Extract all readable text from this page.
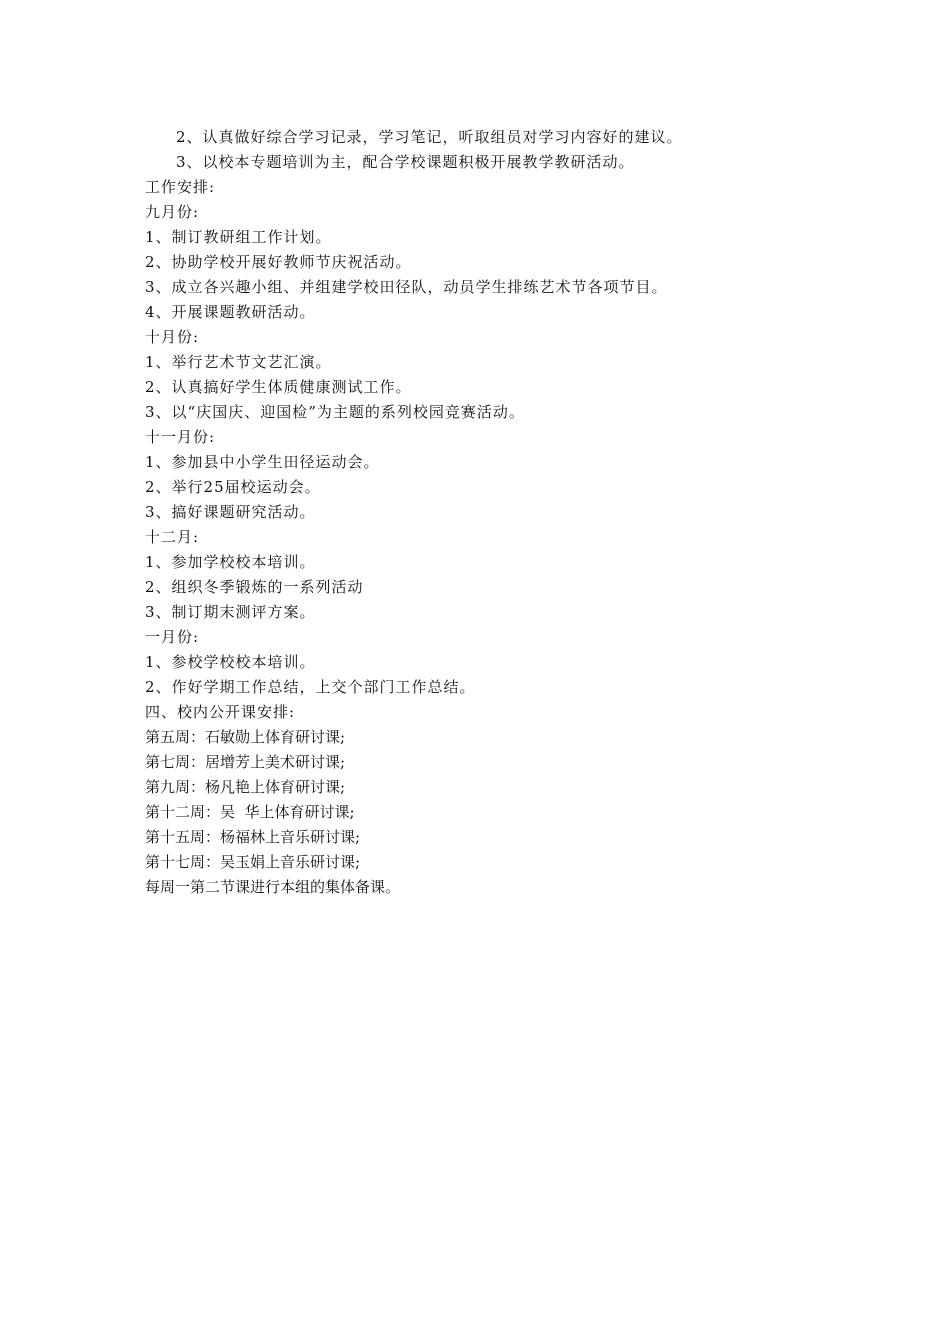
2、认真做好综合学习记录，学习笔记，听取组员对学习内容好的建议。
3、以校本专题培训为主，配合学校课题积极开展教学教研活动。
工作安排:
九月份:
1、制订教研组工作计划。
2、协助学校开展好教师节庆祝活动。
3、成立各兴趣小组、并组建学校田径队，动员学生排练艺术节各项节目。
4、开展课题教研活动。
十月份:
1、举行艺术节文艺汇演。
2、认真搞好学生体质健康测试工作。
3、以“庆国庆、迎国检”为主题的系列校园竞赛活动。
十一月份:
1、参加县中小学生田径运动会。
2、举行25届校运动会。
3、搞好课题研究活动。
十二月:
1、参加学校校本培训。
2、组织冬季锻炼的一系列活动
3、制订期末测评方案。
一月份:
1、参校学校校本培训。
2、作好学期工作总结，上交个部门工作总结。
四、校内公开课安排:
第五周：石敏勋上体育研讨课;
第七周：居增芳上美术研讨课;
第九周：杨凡艳上体育研讨课;
第十二周：吴  华上体育研讨课;
第十五周：杨福林上音乐研讨课;
第十七周：吴玉娟上音乐研讨课;
每周一第二节课进行本组的集体备课。
